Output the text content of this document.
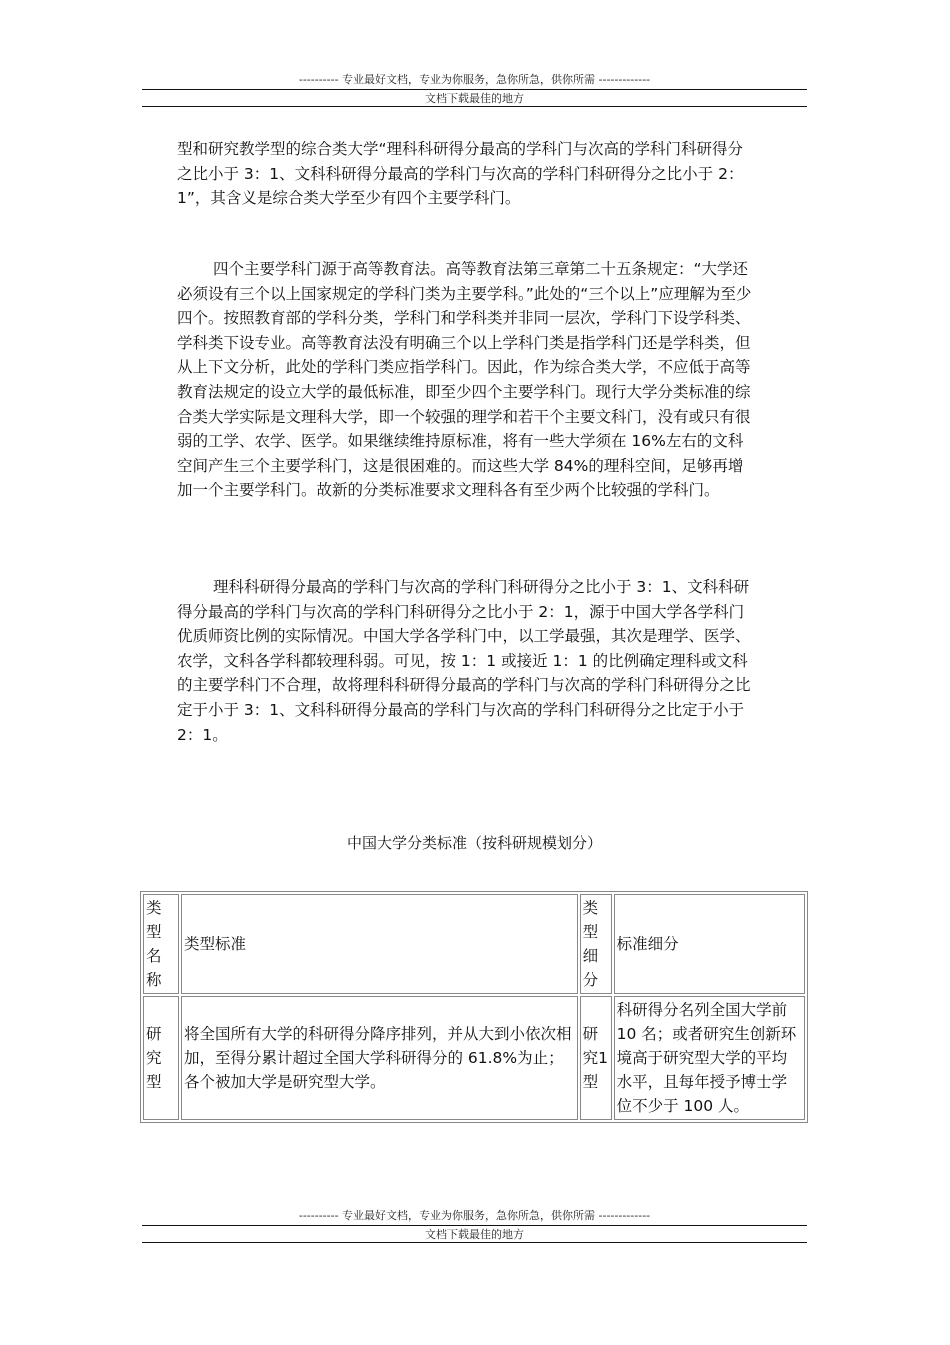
---------- 专业最好文档，专业为你服务，急你所急，供你所需 -------------
文档下载最佳的地方

型和研究教学型的综合类大学“理科科研得分最高的学科门与次高的学科门科研得分之比小于 3：1、文科科研得分最高的学科门与次高的学科门科研得分之比小于 2：1”，其含义是综合类大学至少有四个主要学科门。

四个主要学科门源于高等教育法。高等教育法第三章第二十五条规定：“大学还必须设有三个以上国家规定的学科门类为主要学科。”此处的“三个以上”应理解为至少四个。按照教育部的学科分类，学科门和学科类并非同一层次，学科门下设学科类、学科类下设专业。高等教育法没有明确三个以上学科门类是指学科门还是学科类，但从上下文分析，此处的学科门类应指学科门。因此，作为综合类大学，不应低于高等教育法规定的设立大学的最低标准，即至少四个主要学科门。现行大学分类标准的综合类大学实际是文理科大学，即一个较强的理学和若干个主要文科门，没有或只有很弱的工学、农学、医学。如果继续维持原标准，将有一些大学须在 16%左右的文科空间产生三个主要学科门，这是很困难的。而这些大学 84%的理科空间，足够再增加一个主要学科门。故新的分类标准要求文理科各有至少两个比较强的学科门。

理科科研得分最高的学科门与次高的学科门科研得分之比小于 3：1、文科科研得分最高的学科门与次高的学科门科研得分之比小于 2：1，源于中国大学各学科门优质师资比例的实际情况。中国大学各学科门中，以工学最强，其次是理学、医学、农学，文科各学科都较理科弱。可见，按 1：1 或接近 1：1 的比例确定理科或文科的主要学科门不合理，故将理科科研得分最高的学科门与次高的学科门科研得分之比定于小于 3：1、文科科研得分最高的学科门与次高的学科门科研得分之比定于小于 2：1。

中国大学分类标准（按科研规模划分）
类型名称	类型标准	类型细分	标准细分
研究型	将全国所有大学的科研得分降序排列，并从大到小依次相加，至得分累计超过全国大学科研得分的 61.8%为止；各个被加大学是研究型大学。	研究1型	科研得分名列全国大学前 10 名；或者研究生创新环境高于研究型大学的平均水平，且每年授予博士学位不少于 100 人。
---------- 专业最好文档，专业为你服务，急你所急，供你所需 -------------
文档下载最佳的地方
